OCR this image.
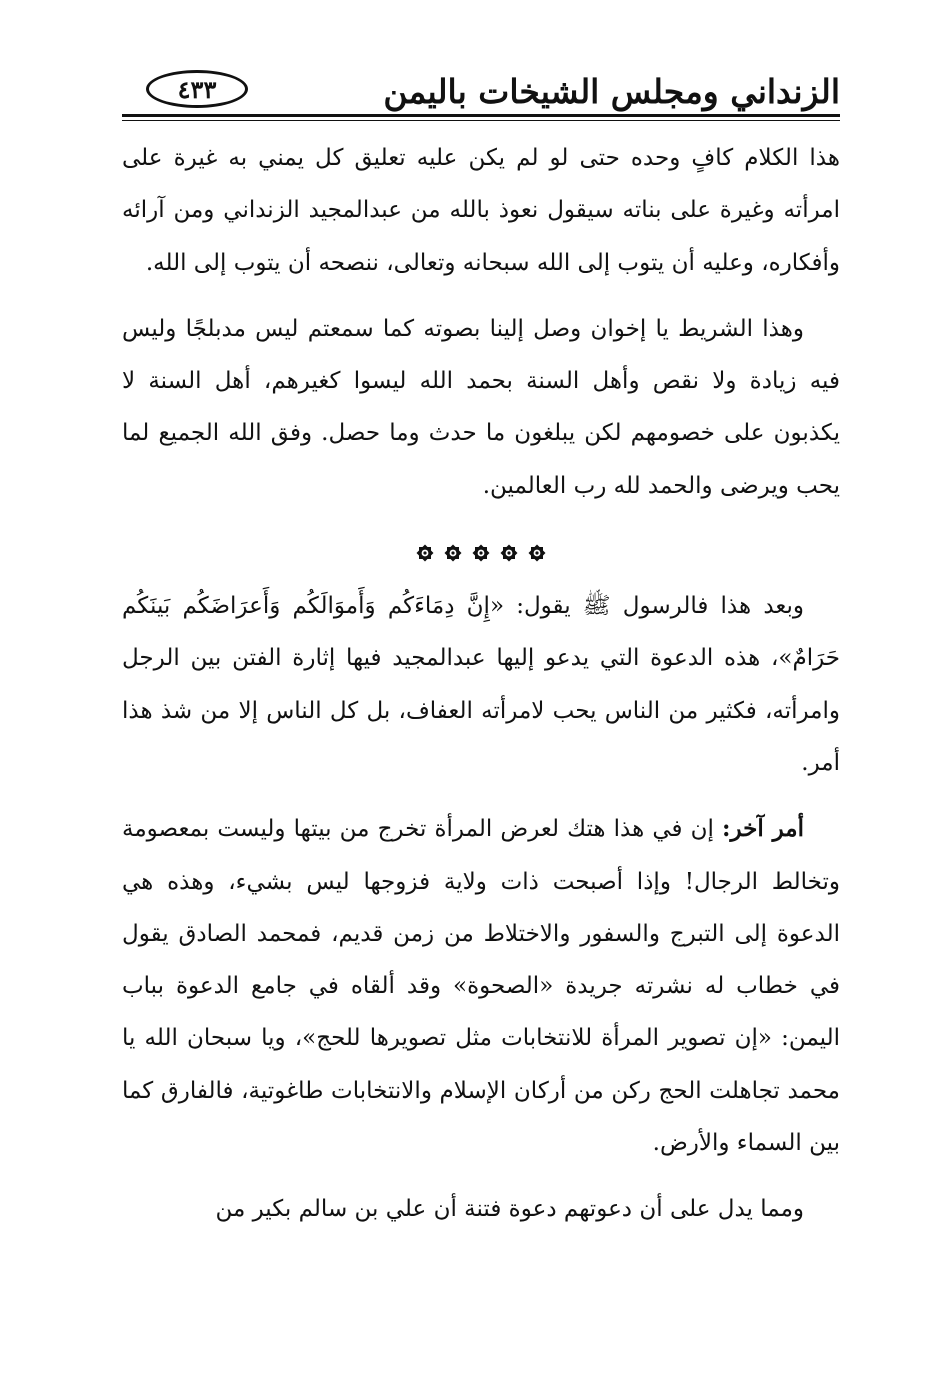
الزنداني ومجلس الشيخات باليمن
٤٣٣

هذا الكلام كافٍ وحده حتى لو لم يكن عليه تعليق كل يمني به غيرة على امرأته وغيرة على بناته سيقول نعوذ بالله من عبدالمجيد الزنداني ومن آرائه وأفكاره، وعليه أن يتوب إلى الله سبحانه وتعالى، ننصحه أن يتوب إلى الله.

وهذا الشريط يا إخوان وصل إلينا بصوته كما سمعتم ليس مدبلجًا وليس فيه زيادة ولا نقص وأهل السنة بحمد الله ليسوا كغيرهم، أهل السنة لا يكذبون على خصومهم لكن يبلغون ما حدث وما حصل. وفق الله الجميع لما يحب ويرضى والحمد لله رب العالمين.

وبعد هذا فالرسول ﷺ يقول: «إِنَّ دِمَاءَكُم وَأَموَالَكُم وَأَعرَاضَكُم بَينَكُم حَرَامٌ»، هذه الدعوة التي يدعو إليها عبدالمجيد فيها إثارة الفتن بين الرجل وامرأته، فكثير من الناس يحب لامرأته العفاف، بل كل الناس إلا من شذ هذا أمر.

أمر آخر: إن في هذا هتك لعرض المرأة تخرج من بيتها وليست بمعصومة وتخالط الرجال! وإذا أصبحت ذات ولاية فزوجها ليس بشيء، وهذه هي الدعوة إلى التبرج والسفور والاختلاط من زمن قديم، فمحمد الصادق يقول في خطاب له نشرته جريدة «الصحوة» وقد ألقاه في جامع الدعوة بباب اليمن: «إن تصوير المرأة للانتخابات مثل تصويرها للحج»، ويا سبحان الله يا محمد تجاهلت الحج ركن من أركان الإسلام والانتخابات طاغوتية، فالفارق كما بين السماء والأرض.

ومما يدل على أن دعوتهم دعوة فتنة أن علي بن سالم بكير من
